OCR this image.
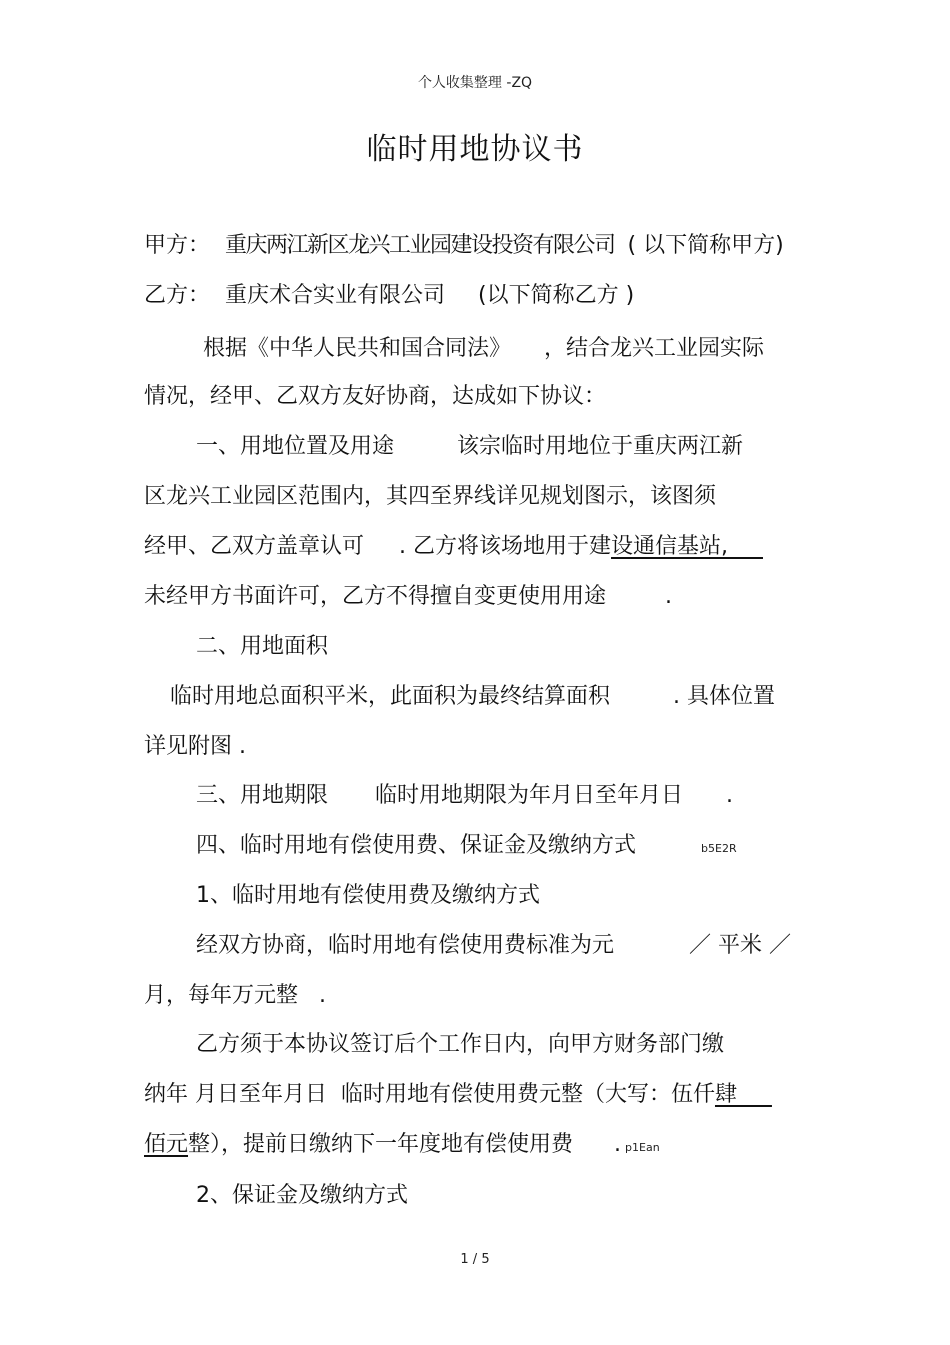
个人收集整理 -ZQ
临时用地协议书
甲方： 重庆两江新区龙兴工业园建设投资有限公司 ( 以下简称甲方)
乙方： 重庆术合实业有限公司 (以下简称乙方 )
根据《中华人民共和国合同法》 ，结合龙兴工业园实际
情况，经甲、乙双方友好协商，达成如下协议：
一、用地位置及用途	该宗临时用地位于重庆两江新
区龙兴工业园区范围内，其四至界线详见规划图示，该图须
经甲、乙双方盖章认可 . 乙方将该场地用于建设通信基站,
未经甲方书面许可，乙方不得擅自变更使用用途	.
二、用地面积
临时用地总面积平米，此面积为最终结算面积	. 具体位置
详见附图 .
三、用地期限 临时用地期限为年月日至年月日 .
四、临时用地有偿使用费、保证金及缴纳方式	b5E2R
1、临时用地有偿使用费及缴纳方式
经双方协商，临时用地有偿使用费标准为元	／ 平米 ／
月，每年万元整   .
乙方须于本协议签订后个工作日内，向甲方财务部门缴
纳年 月日至年月日  临时用地有偿使用费元整（大写：伍仟肆
佰元整），提前日缴纳下一年度地有偿使用费 . p1Ean
2、保证金及缴纳方式
1 / 5
